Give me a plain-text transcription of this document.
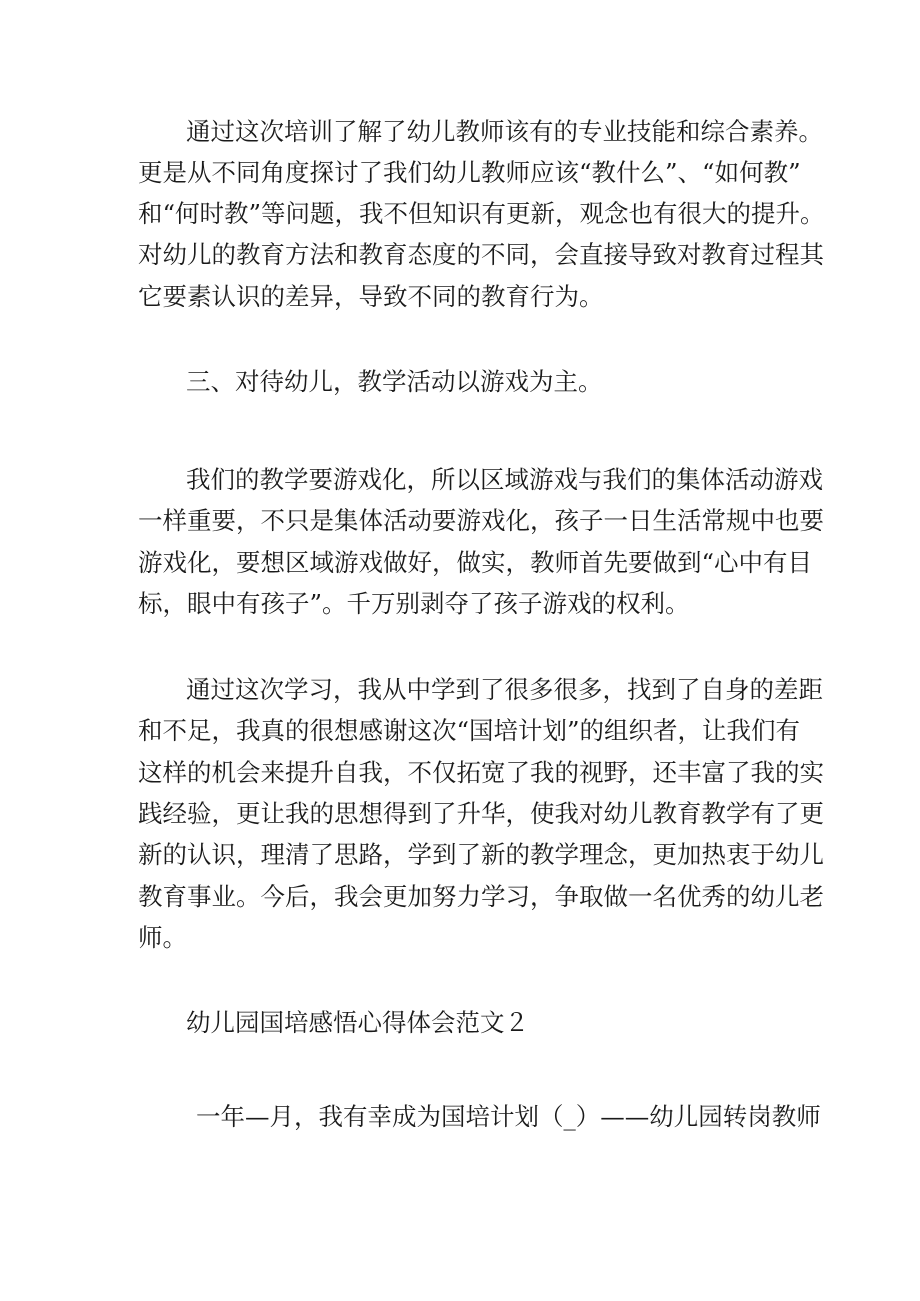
通过这次培训了解了幼儿教师该有的专业技能和综合素养。

更是从不同角度探讨了我们幼儿教师应该“教什么”、“如何教”

和“何时教”等问题，我不但知识有更新，观念也有很大的提升。

对幼儿的教育方法和教育态度的不同，会直接导致对教育过程其

它要素认识的差异，导致不同的教育行为。

三、对待幼儿，教学活动以游戏为主。

我们的教学要游戏化，所以区域游戏与我们的集体活动游戏

一样重要，不只是集体活动要游戏化，孩子一日生活常规中也要

游戏化，要想区域游戏做好，做实，教师首先要做到“心中有目

标，眼中有孩子”。千万别剥夺了孩子游戏的权利。

通过这次学习，我从中学到了很多很多，找到了自身的差距

和不足，我真的很想感谢这次“国培计划”的组织者，让我们有

这样的机会来提升自我，不仅拓宽了我的视野，还丰富了我的实

践经验，更让我的思想得到了升华，使我对幼儿教育教学有了更

新的认识，理清了思路，学到了新的教学理念，更加热衷于幼儿

教育事业。今后，我会更加努力学习，争取做一名优秀的幼儿老

师。

幼儿园国培感悟心得体会范文２

一年—月，我有幸成为国培计划（_）——幼儿园转岗教师
